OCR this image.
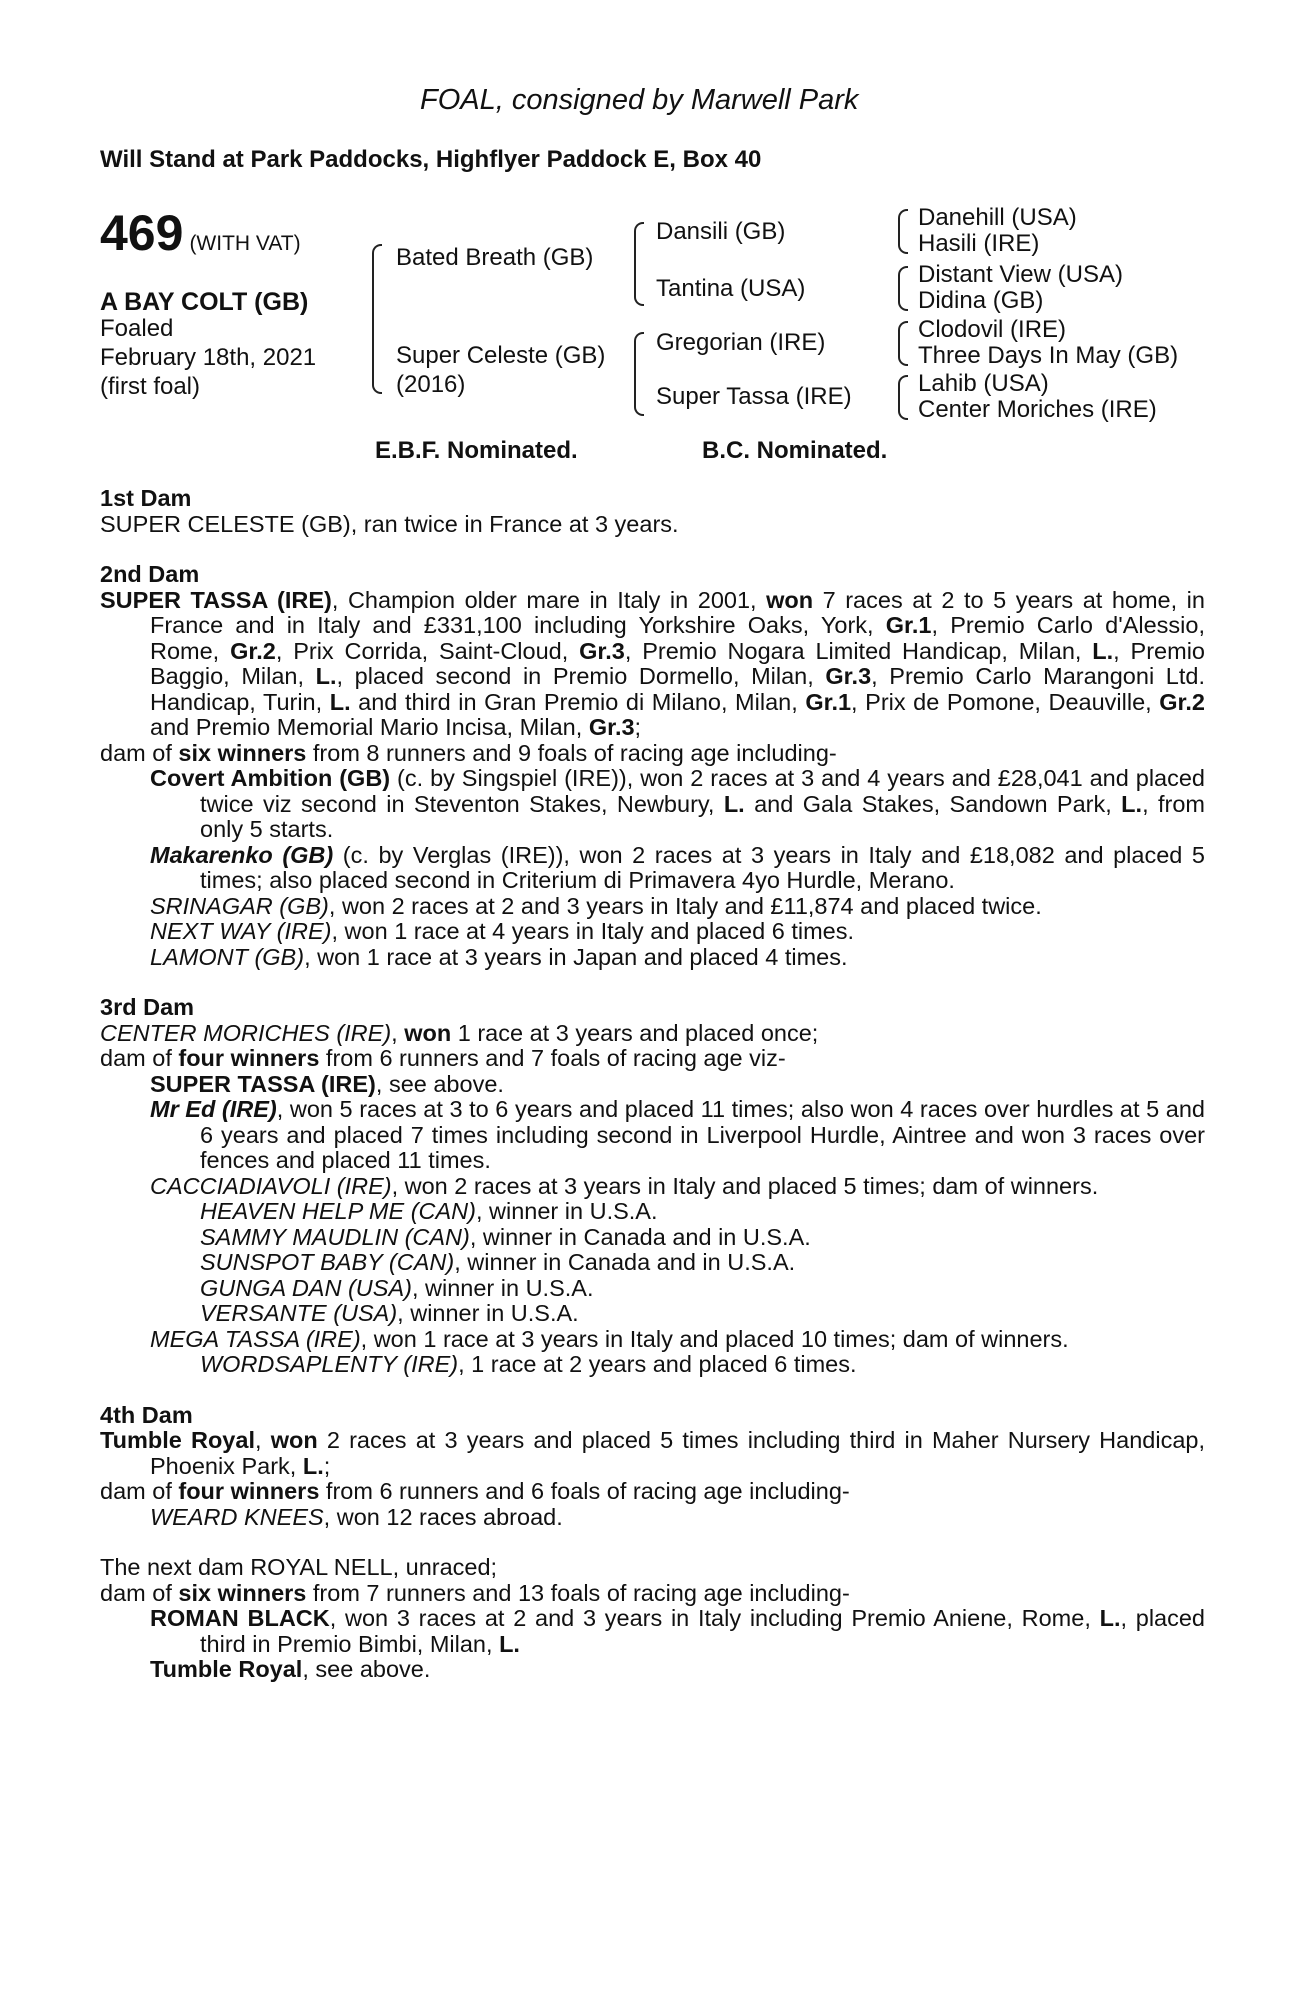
FOAL, consigned by Marwell Park
Will Stand at Park Paddocks, Highflyer Paddock E, Box 40
469 (WITH VAT)
A BAY COLT (GB)
Foaled
February 18th, 2021
(first foal)
Bated Breath (GB)
Super Celeste (GB)
(2016)
Dansili (GB)
Tantina (USA)
Gregorian (IRE)
Super Tassa (IRE)
Danehill (USA)
Hasili (IRE)
Distant View (USA)
Didina (GB)
Clodovil (IRE)
Three Days In May (GB)
Lahib (USA)
Center Moriches (IRE)
E.B.F. Nominated.	B.C. Nominated.

1st Dam

SUPER CELESTE (GB), ran twice in France at 3 years.

2nd Dam

SUPER TASSA (IRE), Champion older mare in Italy in 2001, won 7 races at 2 to 5 years at home, in France and in Italy and £331,100 including Yorkshire Oaks, York, Gr.1, Premio Carlo d'Alessio, Rome, Gr.2, Prix Corrida, Saint-Cloud, Gr.3, Premio Nogara Limited Handicap, Milan, L., Premio Baggio, Milan, L., placed second in Premio Dormello, Milan, Gr.3, Premio Carlo Marangoni Ltd. Handicap, Turin, L. and third in Gran Premio di Milano, Milan, Gr.1, Prix de Pomone, Deauville, Gr.2 and Premio Memorial Mario Incisa, Milan, Gr.3;

dam of six winners from 8 runners and 9 foals of racing age including-

Covert Ambition (GB) (c. by Singspiel (IRE)), won 2 races at 3 and 4 years and £28,041 and placed twice viz second in Steventon Stakes, Newbury, L. and Gala Stakes, Sandown Park, L., from only 5 starts.

Makarenko (GB) (c. by Verglas (IRE)), won 2 races at 3 years in Italy and £18,082 and placed 5 times; also placed second in Criterium di Primavera 4yo Hurdle, Merano.

SRINAGAR (GB), won 2 races at 2 and 3 years in Italy and £11,874 and placed twice.

NEXT WAY (IRE), won 1 race at 4 years in Italy and placed 6 times.

LAMONT (GB), won 1 race at 3 years in Japan and placed 4 times.

3rd Dam

CENTER MORICHES (IRE), won 1 race at 3 years and placed once;

dam of four winners from 6 runners and 7 foals of racing age viz-

SUPER TASSA (IRE), see above.

Mr Ed (IRE), won 5 races at 3 to 6 years and placed 11 times; also won 4 races over hurdles at 5 and 6 years and placed 7 times including second in Liverpool Hurdle, Aintree and won 3 races over fences and placed 11 times.

CACCIADIAVOLI (IRE), won 2 races at 3 years in Italy and placed 5 times; dam of winners.

HEAVEN HELP ME (CAN), winner in U.S.A.

SAMMY MAUDLIN (CAN), winner in Canada and in U.S.A.

SUNSPOT BABY (CAN), winner in Canada and in U.S.A.

GUNGA DAN (USA), winner in U.S.A.

VERSANTE (USA), winner in U.S.A.

MEGA TASSA (IRE), won 1 race at 3 years in Italy and placed 10 times; dam of winners.

WORDSAPLENTY (IRE), 1 race at 2 years and placed 6 times.

4th Dam

Tumble Royal, won 2 races at 3 years and placed 5 times including third in Maher Nursery Handicap, Phoenix Park, L.;

dam of four winners from 6 runners and 6 foals of racing age including-

WEARD KNEES, won 12 races abroad.

The next dam ROYAL NELL, unraced;

dam of six winners from 7 runners and 13 foals of racing age including-

ROMAN BLACK, won 3 races at 2 and 3 years in Italy including Premio Aniene, Rome, L., placed third in Premio Bimbi, Milan, L.

Tumble Royal, see above.
